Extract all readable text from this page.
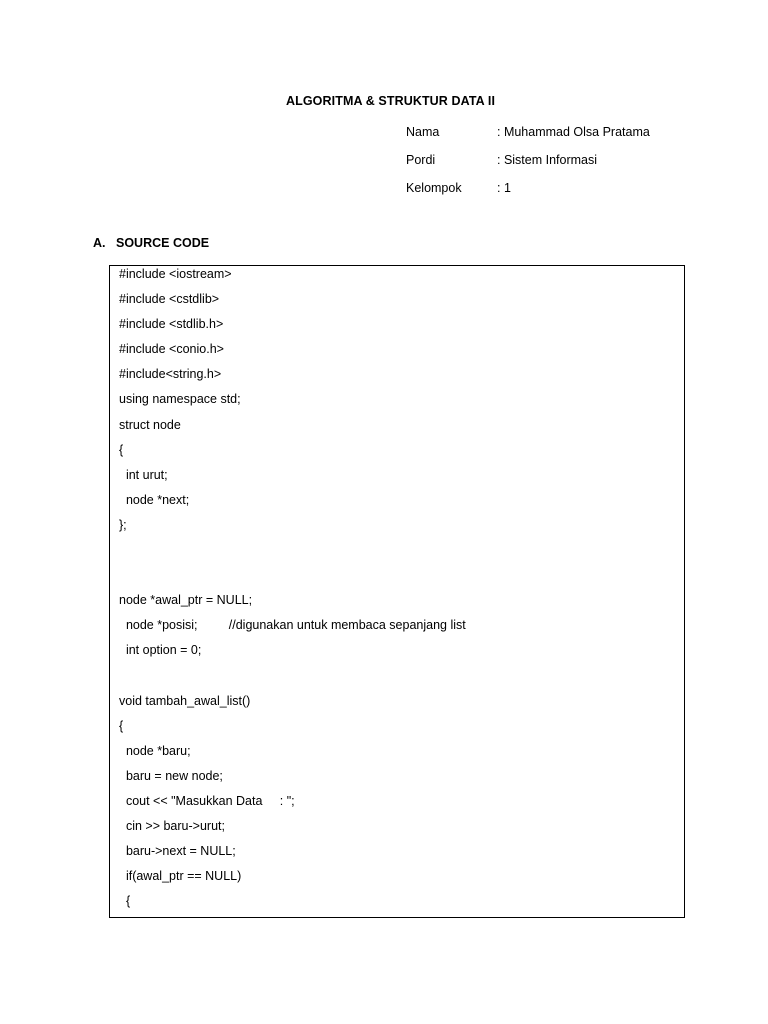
ALGORITMA & STRUKTUR DATA II
Nama	: Muhammad Olsa Pratama
Pordi	: Sistem Informasi
Kelompok	: 1
A. SOURCE CODE
#include <iostream>
#include <cstdlib>
#include <stdlib.h>
#include <conio.h>
#include<string.h>
using namespace std;
struct node
{
int urut;
node *next;
};
node *awal_ptr = NULL;
node *posisi;         //digunakan untuk membaca sepanjang list
int option = 0;
void tambah_awal_list()
{
node *baru;
baru = new node;
cout << "Masukkan Data     : ";
cin >> baru->urut;
baru->next = NULL;
if(awal_ptr == NULL)
{
